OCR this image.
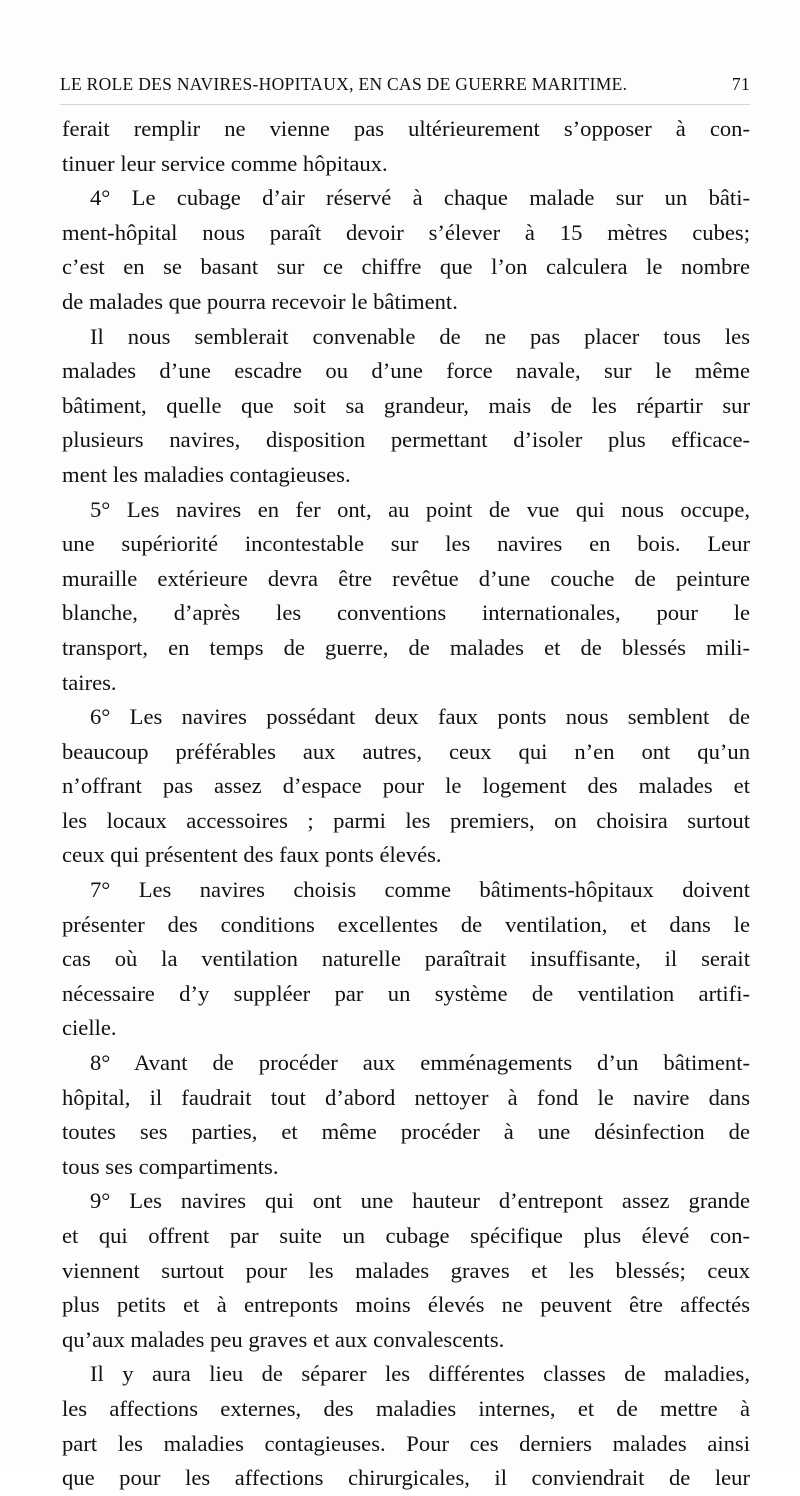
LE ROLE DES NAVIRES-HOPITAUX, EN CAS DE GUERRE MARITIME.	71
ferait remplir ne vienne pas ultérieurement s’opposer à con-
tinuer leur service comme hôpitaux.
4° Le cubage d’air réservé à chaque malade sur un bâti-
ment-hôpital nous paraît devoir s’élever à 15 mètres cubes;
c’est en se basant sur ce chiffre que l’on calculera le nombre
de malades que pourra recevoir le bâtiment.
Il nous semblerait convenable de ne pas placer tous les
malades d’une escadre ou d’une force navale, sur le même
bâtiment, quelle que soit sa grandeur, mais de les répartir sur
plusieurs navires, disposition permettant d’isoler plus efficace-
ment les maladies contagieuses.
5° Les navires en fer ont, au point de vue qui nous occupe,
une supériorité incontestable sur les navires en bois. Leur
muraille extérieure devra être revêtue d’une couche de peinture
blanche, d’après les conventions internationales, pour le
transport, en temps de guerre, de malades et de blessés mili-
taires.
6° Les navires possédant deux faux ponts nous semblent de
beaucoup préférables aux autres, ceux qui n’en ont qu’un
n’offrant pas assez d’espace pour le logement des malades et
les locaux accessoires ; parmi les premiers, on choisira surtout
ceux qui présentent des faux ponts élevés.
7° Les navires choisis comme bâtiments-hôpitaux doivent
présenter des conditions excellentes de ventilation, et dans le
cas où la ventilation naturelle paraîtrait insuffisante, il serait
nécessaire d’y suppléer par un système de ventilation artifi-
cielle.
8° Avant de procéder aux emménagements d’un bâtiment-
hôpital, il faudrait tout d’abord nettoyer à fond le navire dans
toutes ses parties, et même procéder à une désinfection de
tous ses compartiments.
9° Les navires qui ont une hauteur d’entrepont assez grande
et qui offrent par suite un cubage spécifique plus élevé con-
viennent surtout pour les malades graves et les blessés; ceux
plus petits et à entreponts moins élevés ne peuvent être affectés
qu’aux malades peu graves et aux convalescents.
Il y aura lieu de séparer les différentes classes de maladies,
les affections externes, des maladies internes, et de mettre à
part les maladies contagieuses. Pour ces derniers malades ainsi
que pour les affections chirurgicales, il conviendrait de leur
